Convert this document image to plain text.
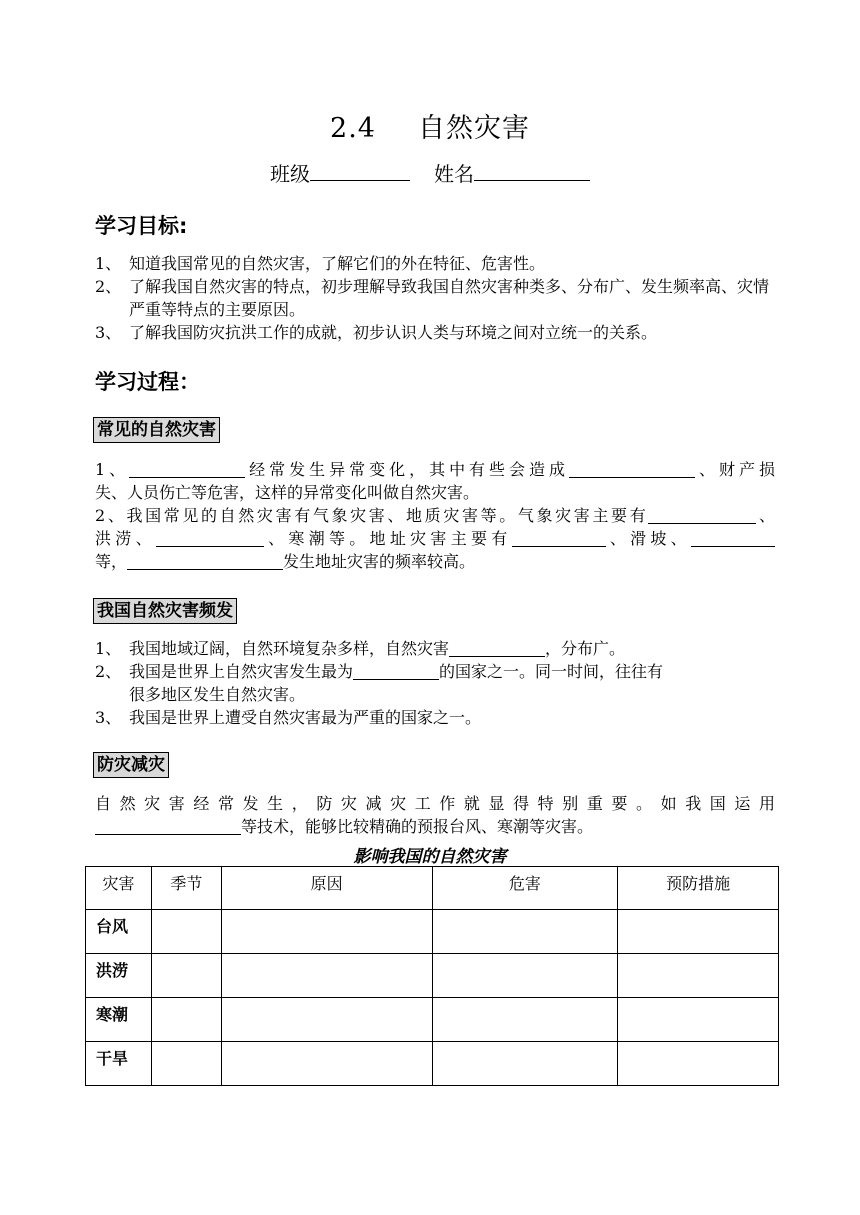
2.4 自然灾害
班级	姓名
学习目标:
1、 知道我国常见的自然灾害，了解它们的外在特征、危害性。
2、 了解我国自然灾害的特点，初步理解导致我国自然灾害种类多、分布广、发生频率高、灾情严重等特点的主要原因。
3、 了解我国防灾抗洪工作的成就，初步认识人类与环境之间对立统一的关系。
学习过程：
常见的自然灾害
1、	经常发生异常变化，其中有些会造成	、财产损
失、人员伤亡等危害，这样的异常变化叫做自然灾害。
2、我国常见的自然灾害有气象灾害、地质灾害等。气象灾害主要有	、
洪涝、	、寒潮等。地址灾害主要有	、滑坡、
等，	发生地址灾害的频率较高。
我国自然灾害频发
1、 我国地域辽阔，自然环境复杂多样，自然灾害	，分布广。
2、 我国是世界上自然灾害发生最为	的国家之一。同一时间，往往有
很多地区发生自然灾害。
3、 我国是世界上遭受自然灾害最为严重的国家之一。
防灾减灾
自然灾害经常发生，防灾减灾工作就显得特别重要。如我国运用
等技术，能够比较精确的预报台风、寒潮等灾害。
影响我国的自然灾害
灾害	季节	原因	危害	预防措施
台风				
洪涝				
寒潮				
干旱				
